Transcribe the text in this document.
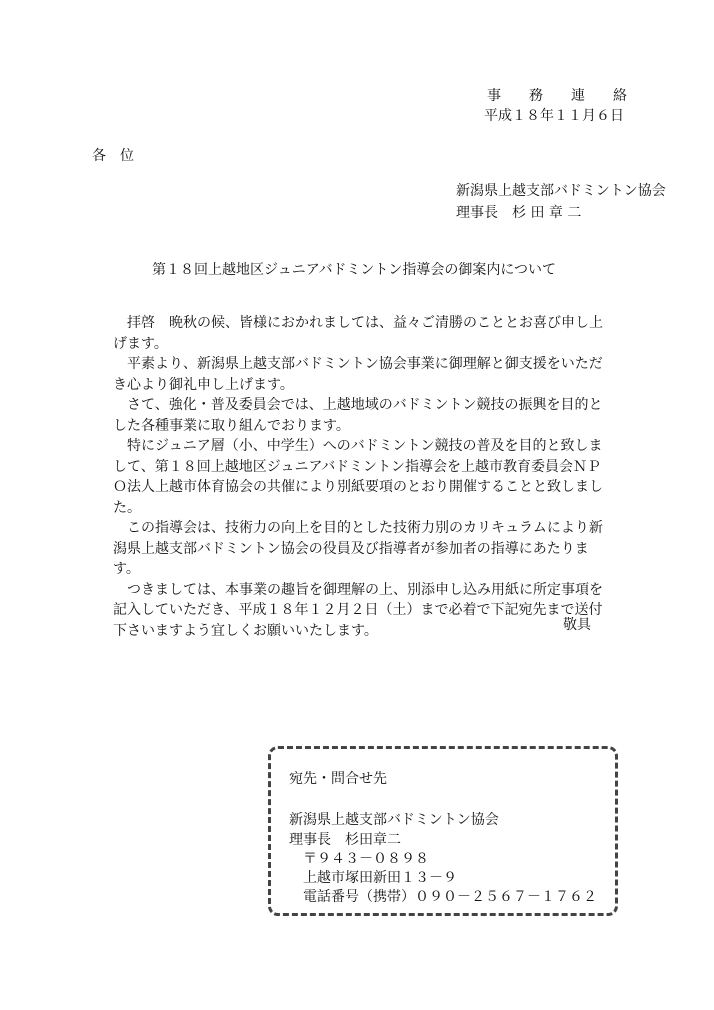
事務連絡
平成１８年１１月６日
各　位
新潟県上越支部バドミントン協会
理事長　杉 田 章 二
第１８回上越地区ジュニアバドミントン指導会の御案内について

拝啓　晩秋の候、皆様におかれましては、益々ご清勝のこととお喜び申し上げます。

平素より、新潟県上越支部バドミントン協会事業に御理解と御支援をいただき心より御礼申し上げます。

さて、強化・普及委員会では、上越地域のバドミントン競技の振興を目的とした各種事業に取り組んでおります。

特にジュニア層（小、中学生）へのバドミントン競技の普及を目的と致しまして、第１８回上越地区ジュニアバドミントン指導会を上越市教育委員会ＮＰＯ法人上越市体育協会の共催により別紙要項のとおり開催することと致しました。

この指導会は、技術力の向上を目的とした技術力別のカリキュラムにより新潟県上越支部バドミントン協会の役員及び指導者が参加者の指導にあたります。

つきましては、本事業の趣旨を御理解の上、別添申し込み用紙に所定事項を記入していただき、平成１８年１２月２日（土）まで必着で下記宛先まで送付下さいますよう宜しくお願いいたします。	敬具
宛先・問合せ先
新潟県上越支部バドミントン協会
理事長　杉田章二
〒９４３－０８９８
上越市塚田新田１３－９
電話番号（携帯）０９０－２５６７－１７６２
